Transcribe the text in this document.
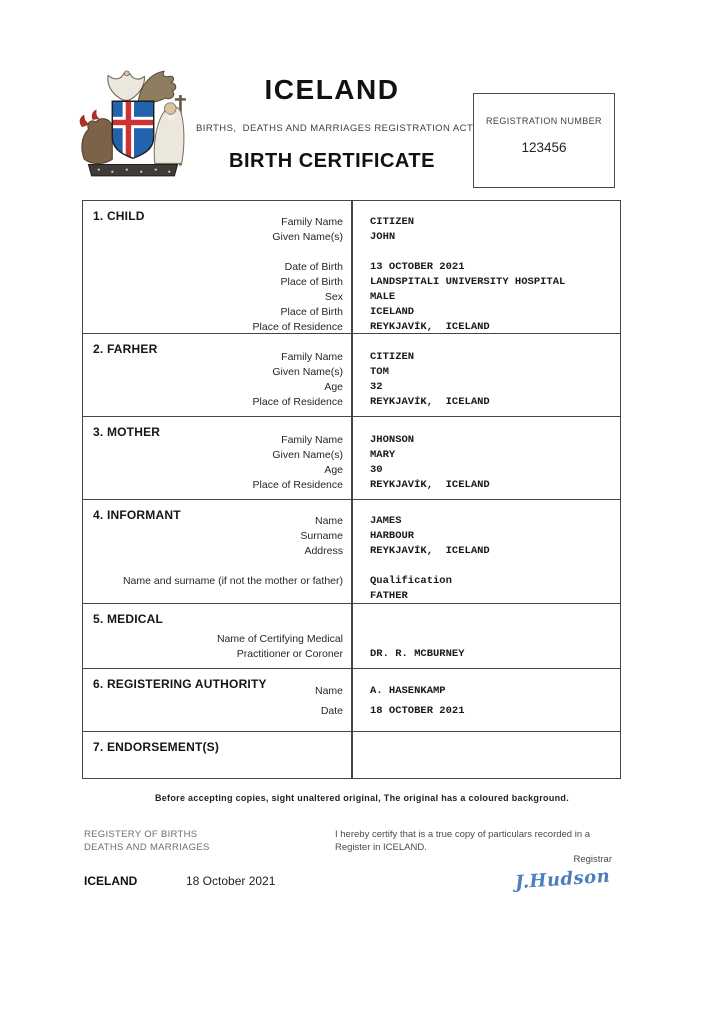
ICELAND
BIRTHS,  DEATHS AND MARRIAGES REGISTRATION ACT
BIRTH CERTIFICATE
REGISTRATION NUMBER
123456
1. CHILD	Family Name	CITIZEN
Given Name(s)	JOHN
Date of Birth	13 OCTOBER 2021
Place of Birth	LANDSPITALI UNIVERSITY HOSPITAL
Sex	MALE
Place of Birth	ICELAND
Place of Residence	REYKJAVÍK,  ICELAND
2. FARHER
Family Name	CITIZEN
Given Name(s)	TOM
Age	32
Place of Residence	REYKJAVÍK,  ICELAND
3. MOTHER
Family Name	JHONSON
Given Name(s)	MARY
Age	30
Place of Residence	REYKJAVÍK,  ICELAND
4. INFORMANT	Name	JAMES
Surname	HARBOUR
Address	REYKJAVÍK,  ICELAND
Name and surname (if not the mother or father)	Qualification
FATHER
5. MEDICAL
Name of Certifying Medical
Practitioner or Coroner	DR. R. MCBURNEY
6. REGISTERING AUTHORITY	Name	A. HASENKAMP
Date	18 OCTOBER 2021
7. ENDORSEMENT(S)
Before accepting copies, sight unaltered original, The original has a coloured background.
REGISTERY OF BIRTHS
DEATHS AND MARRIAGES
I hereby certify that is a true copy of particulars recorded in a Register in ICELAND.
Registrar
ICELAND	18 October 2021	J.Hudson
